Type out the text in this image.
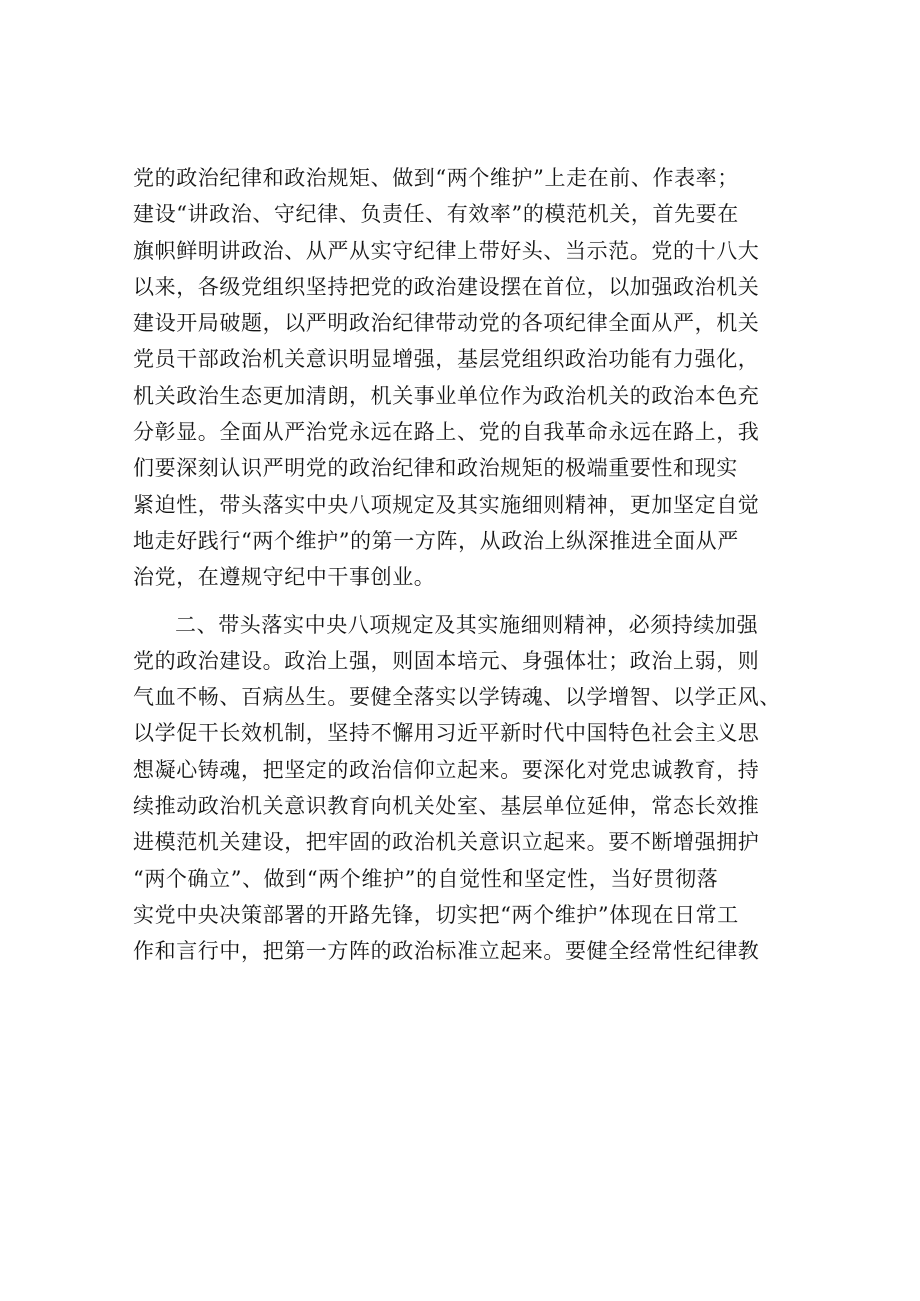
党的政治纪律和政治规矩、做到“两个维护”上走在前、作表率；
建设“讲政治、守纪律、负责任、有效率”的模范机关，首先要在
旗帜鲜明讲政治、从严从实守纪律上带好头、当示范。党的十八大
以来，各级党组织坚持把党的政治建设摆在首位，以加强政治机关
建设开局破题，以严明政治纪律带动党的各项纪律全面从严，机关
党员干部政治机关意识明显增强，基层党组织政治功能有力强化，
机关政治生态更加清朗，机关事业单位作为政治机关的政治本色充
分彰显。全面从严治党永远在路上、党的自我革命永远在路上，我
们要深刻认识严明党的政治纪律和政治规矩的极端重要性和现实
紧迫性，带头落实中央八项规定及其实施细则精神，更加坚定自觉
地走好践行“两个维护”的第一方阵，从政治上纵深推进全面从严
治党，在遵规守纪中干事创业。

二、带头落实中央八项规定及其实施细则精神，必须持续加强
党的政治建设。政治上强，则固本培元、身强体壮；政治上弱，则
气血不畅、百病丛生。要健全落实以学铸魂、以学增智、以学正风、
以学促干长效机制，坚持不懈用习近平新时代中国特色社会主义思
想凝心铸魂，把坚定的政治信仰立起来。要深化对党忠诚教育，持
续推动政治机关意识教育向机关处室、基层单位延伸，常态长效推
进模范机关建设，把牢固的政治机关意识立起来。要不断增强拥护
“两个确立”、做到“两个维护”的自觉性和坚定性，当好贯彻落
实党中央决策部署的开路先锋，切实把“两个维护”体现在日常工
作和言行中，把第一方阵的政治标准立起来。要健全经常性纪律教
